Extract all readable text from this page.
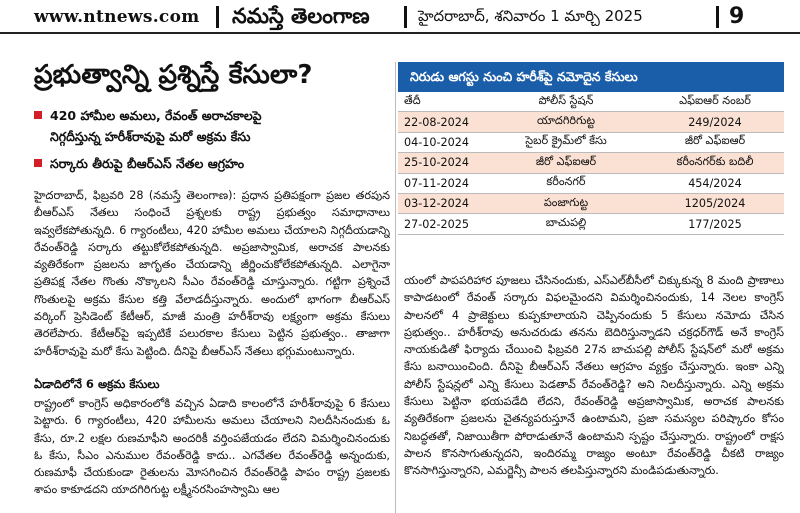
www.ntnews.com నమస్తే తెలంగాణ	హైదరాబాద్, శనివారం 1 మార్చి 2025	9
ప్రభుత్వాన్ని ప్రశ్నిస్తే కేసులా?
420 హామీల అమలు, రేవంత్ అరాచకాలపై
నిగ్గదీస్తున్న హరీశ్‌రావుపై మరో అక్రమ కేసు
సర్కారు తీరుపై బీఆర్‌ఎస్ నేతల ఆగ్రహం
హైదరాబాద్, ఫిబ్రవరి 28 (నమస్తే తెలంగాణ): ప్రధాన ప్రతిపక్షంగా ప్రజల తరపున బీఆర్‌ఎస్ నేతలు సంధించే ప్రశ్నలకు రాష్ట్ర ప్రభుత్వం సమాధానాలు ఇవ్వలేకపోతున్నది. 6 గ్యారంటీలు, 420 హామీల అమలు చేయాలని నిగ్గదీయడాన్ని రేవంత్‌రెడ్డి సర్కారు తట్టుకోలేకపోతున్నది. అప్రజాస్వామిక, అరాచక పాలనకు వ్యతిరేకంగా ప్రజలను జాగృతం చేయడాన్ని జీర్ణించుకోలేకపోతున్నది. ఎలాగైనా ప్రతిపక్ష నేతల గొంతు నొక్కాలని సీఎం రేవంత్‌రెడ్డి చూస్తున్నారు. గట్టిగా ప్రశ్నించే గొంతులపై అక్రమ కేసుల కత్తి వేలాడదీస్తున్నారు. అందులో భాగంగా బీఆర్‌ఎస్ వర్కింగ్ ప్రెసిడెంట్ కేటీఆర్, మాజీ మంత్రి హరీశ్‌రావు లక్ష్యంగా అక్రమ కేసులు తెరలేపారు. కేటీఆర్‌పై ఇప్పటికే పలురకాల కేసులు పెట్టిన ప్రభుత్వం.. తాజాగా హరీశ్‌రావుపై మరో కేసు పెట్టింది. దీనిపై బీఆర్‌ఎస్ నేతలు భగ్గుమంటున్నారు.
ఏడాదిలోనే 6 అక్రమ కేసులు
రాష్ట్రంలో కాంగ్రెస్ అధికారంలోకి వచ్చిన ఏడాది కాలంలోనే హరీశ్‌రావుపై 6 కేసులు పెట్టారు. 6 గ్యారంటీలు, 420 హామీలను అమలు చేయాలని నిలదీసినందుకు ఓ కేసు, రూ.2 లక్షల రుణమాఫీని అందరికీ వర్తింపజేయడం లేదని విమర్శించినందుకు ఓ కేసు, సీఎం ఎనుముల రేవంత్‌రెడ్డి కాదు.. ఎగవేతల రేవంత్‌రెడ్డి అన్నందుకు, రుణమాఫీ చేయకుండా రైతులను మోసగించిన రేవంత్‌రెడ్డి పాపం రాష్ట్ర ప్రజలకు శాపం కాకూడదని యాదగిరిగుట్ట లక్ష్మీనరసింహస్వామి ఆల
నిరుడు ఆగస్టు నుంచి హరీశ్‌పై నమోదైన కేసులు
తేదీ	పోలీస్ స్టేషన్	ఎఫ్‌ఐఆర్ నంబర్
22-08-2024	యాదగిరిగుట్ట	249/2024
04-10-2024	సైబర్ క్రైమ్‌లో కేసు	జీరో ఎఫ్ఐఆర్
25-10-2024	జీరో ఎఫ్ఐఆర్	కరీంనగర్‌కు బదిలీ
07-11-2024	కరీంనగర్	454/2024
03-12-2024	పంజాగుట్ట	1205/2024
27-02-2025	బాచుపల్లి	177/2025
యంలో పాపపరిహార పూజలు చేసినందుకు, ఎస్‌ఎల్‌బీసీలో చిక్కుకున్న 8 మంది ప్రాణాలు కాపాడటంలో రేవంత్ సర్కారు విఫలమైందని విమర్శించినందుకు, 14 నెలల కాంగ్రెస్ పాలనలో 4 ప్రాజెక్టులు కుప్పకూలాయని చెప్పినందుకు 5 కేసులు నమోదు చేసిన ప్రభుత్వం.. హరీశ్‌రావు అనుచరుడు తనను బెదిరిస్తున్నాడని చక్రధర్‌గౌడ్ అనే కాంగ్రెస్ నాయకుడితో ఫిర్యాదు చేయించి ఫిబ్రవరి 27న బాచుపల్లి పోలీస్ స్టేషన్‌లో మరో అక్రమ కేసు బనాయించింది. దీనిపై బీఆర్‌ఎస్ నేతలు ఆగ్రహం వ్యక్తం చేస్తున్నారు. ఇంకా ఎన్ని పోలీస్ స్టేషన్లలో ఎన్ని కేసులు పెడతావ్ రేవంత్‌రెడ్డి? అని నిలదీస్తున్నారు. ఎన్ని అక్రమ కేసులు పెట్టినా భయపడేది లేదని, రేవంత్‌రెడ్డి అప్రజాస్వామిక, అరాచక పాలనకు వ్యతిరేకంగా ప్రజలను చైతన్యపరుస్తూనే ఉంటామని, ప్రజా సమస్యల పరిష్కారం కోసం నిబద్ధతతో, నిజాయితీగా పోరాడుతూనే ఉంటామని స్పష్టం చేస్తున్నారు. రాష్ట్రంలో రాక్షస పాలన కొనసాగుతున్నదని, ఇందిరమ్మ రాజ్యం అంటూ రేవంత్‌రెడ్డి చీకటి రాజ్యం కొనసాగిస్తున్నారని, ఎమర్జెన్సీ పాలన తలపిస్తున్నారని మండిపడుతున్నారు.
